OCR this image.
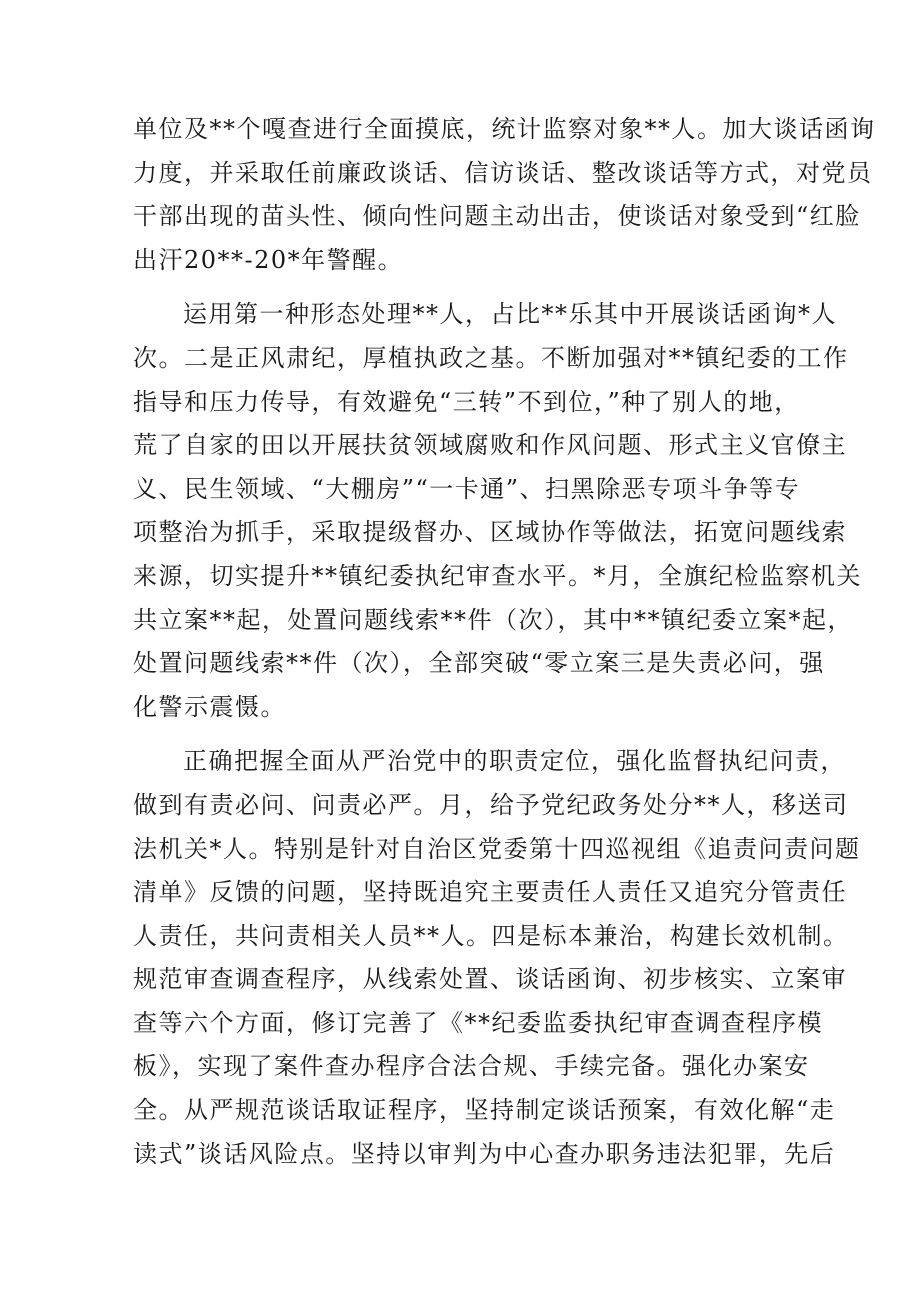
单位及**个嘎查进行全面摸底，统计监察对象**人。加大谈话函询
力度，并采取任前廉政谈话、信访谈话、整改谈话等方式，对党员
干部出现的苗头性、倾向性问题主动出击，使谈话对象受到“红脸
出汗20**-20*年警醒。
运用第一种形态处理**人，占比**乐其中开展谈话函询*人
次。二是正风肃纪，厚植执政之基。不断加强对**镇纪委的工作
指导和压力传导，有效避免“三转”不到位，”种了别人的地，
荒了自家的田以开展扶贫领域腐败和作风问题、形式主义官僚主
义、民生领域、“大棚房”“一卡通”、扫黑除恶专项斗争等专
项整治为抓手，采取提级督办、区域协作等做法，拓宽问题线索
来源，切实提升**镇纪委执纪审查水平。*月，全旗纪检监察机关
共立案**起，处置问题线索**件（次），其中**镇纪委立案*起，
处置问题线索**件（次），全部突破“零立案三是失责必问，强
化警示震慑。
正确把握全面从严治党中的职责定位，强化监督执纪问责，
做到有责必问、问责必严。月，给予党纪政务处分**人，移送司
法机关*人。特别是针对自治区党委第十四巡视组《追责问责问题
清单》反馈的问题，坚持既追究主要责任人责任又追究分管责任
人责任，共问责相关人员**人。四是标本兼治，构建长效机制。
规范审查调查程序，从线索处置、谈话函询、初步核实、立案审
查等六个方面，修订完善了《**纪委监委执纪审查调查程序模
板》，实现了案件查办程序合法合规、手续完备。强化办案安
全。从严规范谈话取证程序，坚持制定谈话预案，有效化解“走
读式”谈话风险点。坚持以审判为中心查办职务违法犯罪，先后
